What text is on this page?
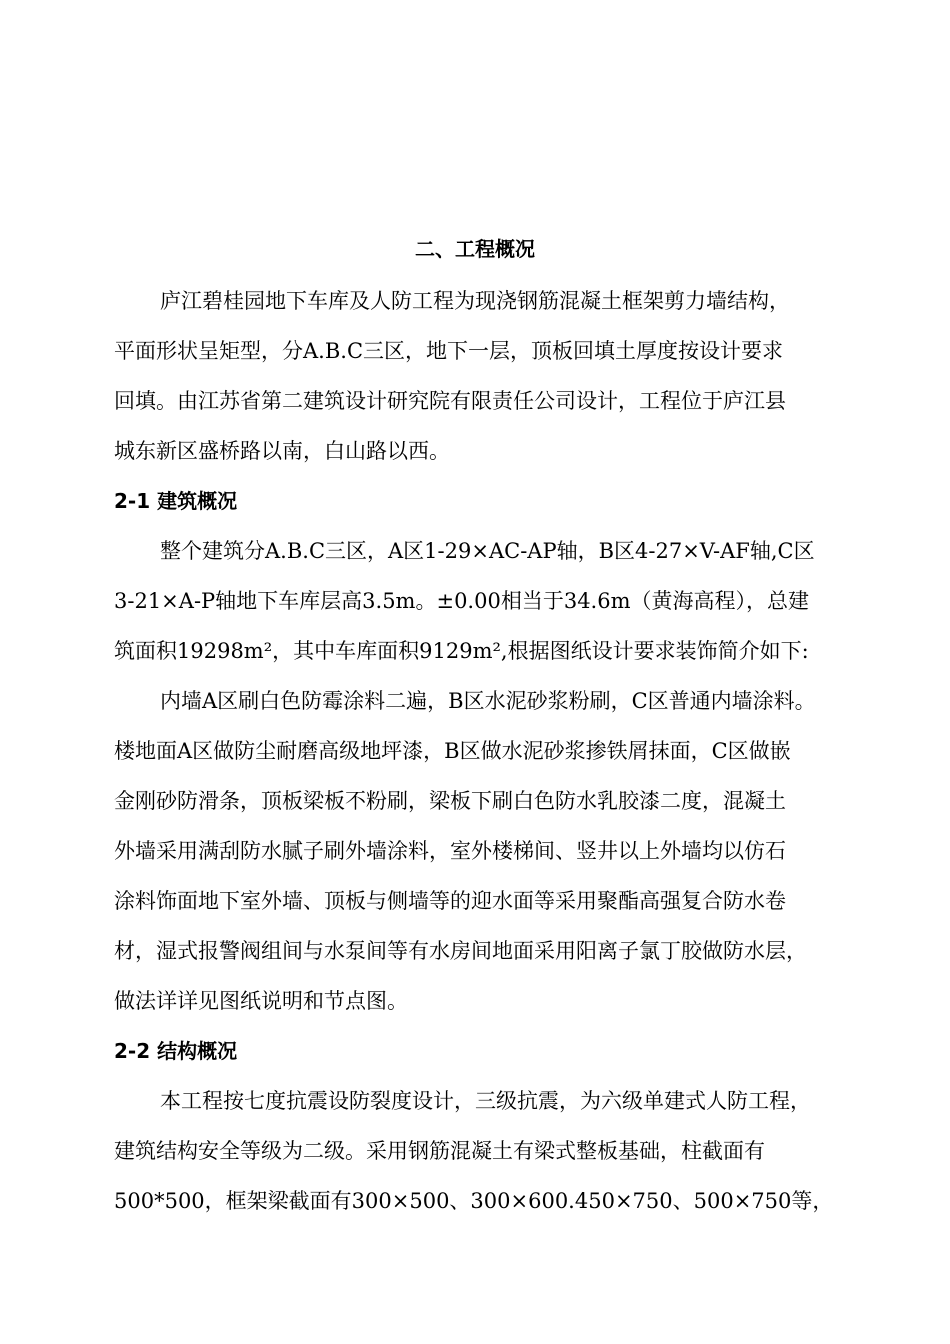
二、工程概况
庐江碧桂园地下车库及人防工程为现浇钢筋混凝土框架剪力墙结构，
平面形状呈矩型，分A.B.C三区，地下一层，顶板回填土厚度按设计要求
回填。由江苏省第二建筑设计研究院有限责任公司设计，工程位于庐江县
城东新区盛桥路以南，白山路以西。
2-1 建筑概况
整个建筑分A.B.C三区，A区1-29×AC-AP轴，B区4-27×V-AF轴,C区
3-21×A-P轴地下车库层高3.5m。±0.00相当于34.6m（黄海高程），总建
筑面积19298m²，其中车库面积9129m²,根据图纸设计要求装饰简介如下:
内墙A区刷白色防霉涂料二遍，B区水泥砂浆粉刷，C区普通内墙涂料。
楼地面A区做防尘耐磨高级地坪漆，B区做水泥砂浆掺铁屑抹面，C区做嵌
金刚砂防滑条，顶板梁板不粉刷，梁板下刷白色防水乳胶漆二度，混凝土
外墙采用满刮防水腻子刷外墙涂料，室外楼梯间、竖井以上外墙均以仿石
涂料饰面地下室外墙、顶板与侧墙等的迎水面等采用聚酯高强复合防水卷
材，湿式报警阀组间与水泵间等有水房间地面采用阳离子氯丁胶做防水层，
做法详详见图纸说明和节点图。
2-2 结构概况
本工程按七度抗震设防裂度设计，三级抗震，为六级单建式人防工程，
建筑结构安全等级为二级。采用钢筋混凝土有梁式整板基础，柱截面有
500*500，框架梁截面有300×500、300×600.450×750、500×750等，
